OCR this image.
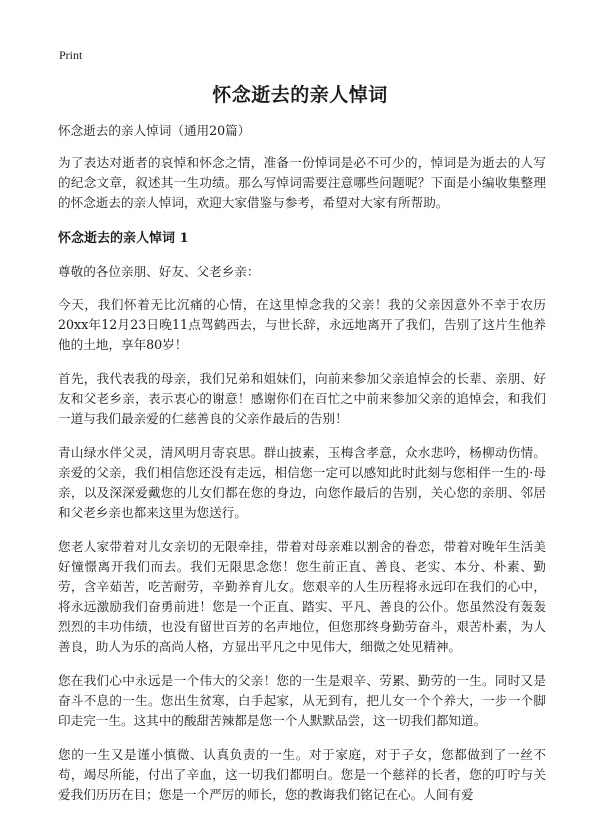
Print
怀念逝去的亲人悼词

怀念逝去的亲人悼词（通用20篇）

为了表达对逝者的哀悼和怀念之情，准备一份悼词是必不可少的，悼词是为逝去的人写的纪念文章，叙述其一生功绩。那么写悼词需要注意哪些问题呢？下面是小编收集整理的怀念逝去的亲人悼词，欢迎大家借鉴与参考，希望对大家有所帮助。

怀念逝去的亲人悼词 1

尊敬的各位亲朋、好友、父老乡亲：

今天，我们怀着无比沉痛的心情，在这里悼念我的父亲！我的父亲因意外不幸于农历20xx年12月23日晚11点驾鹤西去，与世长辞，永远地离开了我们，告别了这片生他养他的土地，享年80岁！

首先，我代表我的母亲，我们兄弟和姐妹们，向前来参加父亲追悼会的长辈、亲朋、好友和父老乡亲，表示衷心的谢意！感谢你们在百忙之中前来参加父亲的追悼会，和我们一道与我们最亲爱的仁慈善良的父亲作最后的告别！

青山绿水伴父灵，清风明月寄哀思。群山披素，玉梅含孝意，众水悲吟，杨柳动伤情。亲爱的父亲，我们相信您还没有走远，相信您一定可以感知此时此刻与您相伴一生的·母亲，以及深深爱戴您的儿女们都在您的身边，向您作最后的告别，关心您的亲朋、邻居和父老乡亲也都来这里为您送行。

您老人家带着对儿女亲切的无限牵挂，带着对母亲难以割舍的眷恋，带着对晚年生活美好憧憬离开我们而去。我们无限思念您！您生前正直、善良、老实、本分、朴素、勤劳，含辛茹苦，吃苦耐劳，辛勤养育儿女。您艰辛的人生历程将永远印在我们的心中，将永远激励我们奋勇前进！您是一个正直、踏实、平凡、善良的公仆。您虽然没有轰轰烈烈的丰功伟绩，也没有留世百芳的名声地位，但您那终身勤劳奋斗，艰苦朴素，为人善良，助人为乐的高尚人格，方显出平凡之中见伟大，细微之处见精神。

您在我们心中永远是一个伟大的父亲！您的一生是艰辛、劳累、勤劳的一生。同时又是奋斗不息的一生。您出生贫寒，白手起家，从无到有，把儿女一个个养大，一步一个脚印走完一生。这其中的酸甜苦辣都是您一个人默默品尝，这一切我们都知道。

您的一生又是谨小慎微、认真负责的一生。对于家庭，对于子女，您都做到了一丝不苟，竭尽所能，付出了辛血，这一切我们都明白。您是一个慈祥的长者，您的叮咛与关爱我们历历在目；您是一个严厉的师长，您的教诲我们铭记在心。人间有爱
